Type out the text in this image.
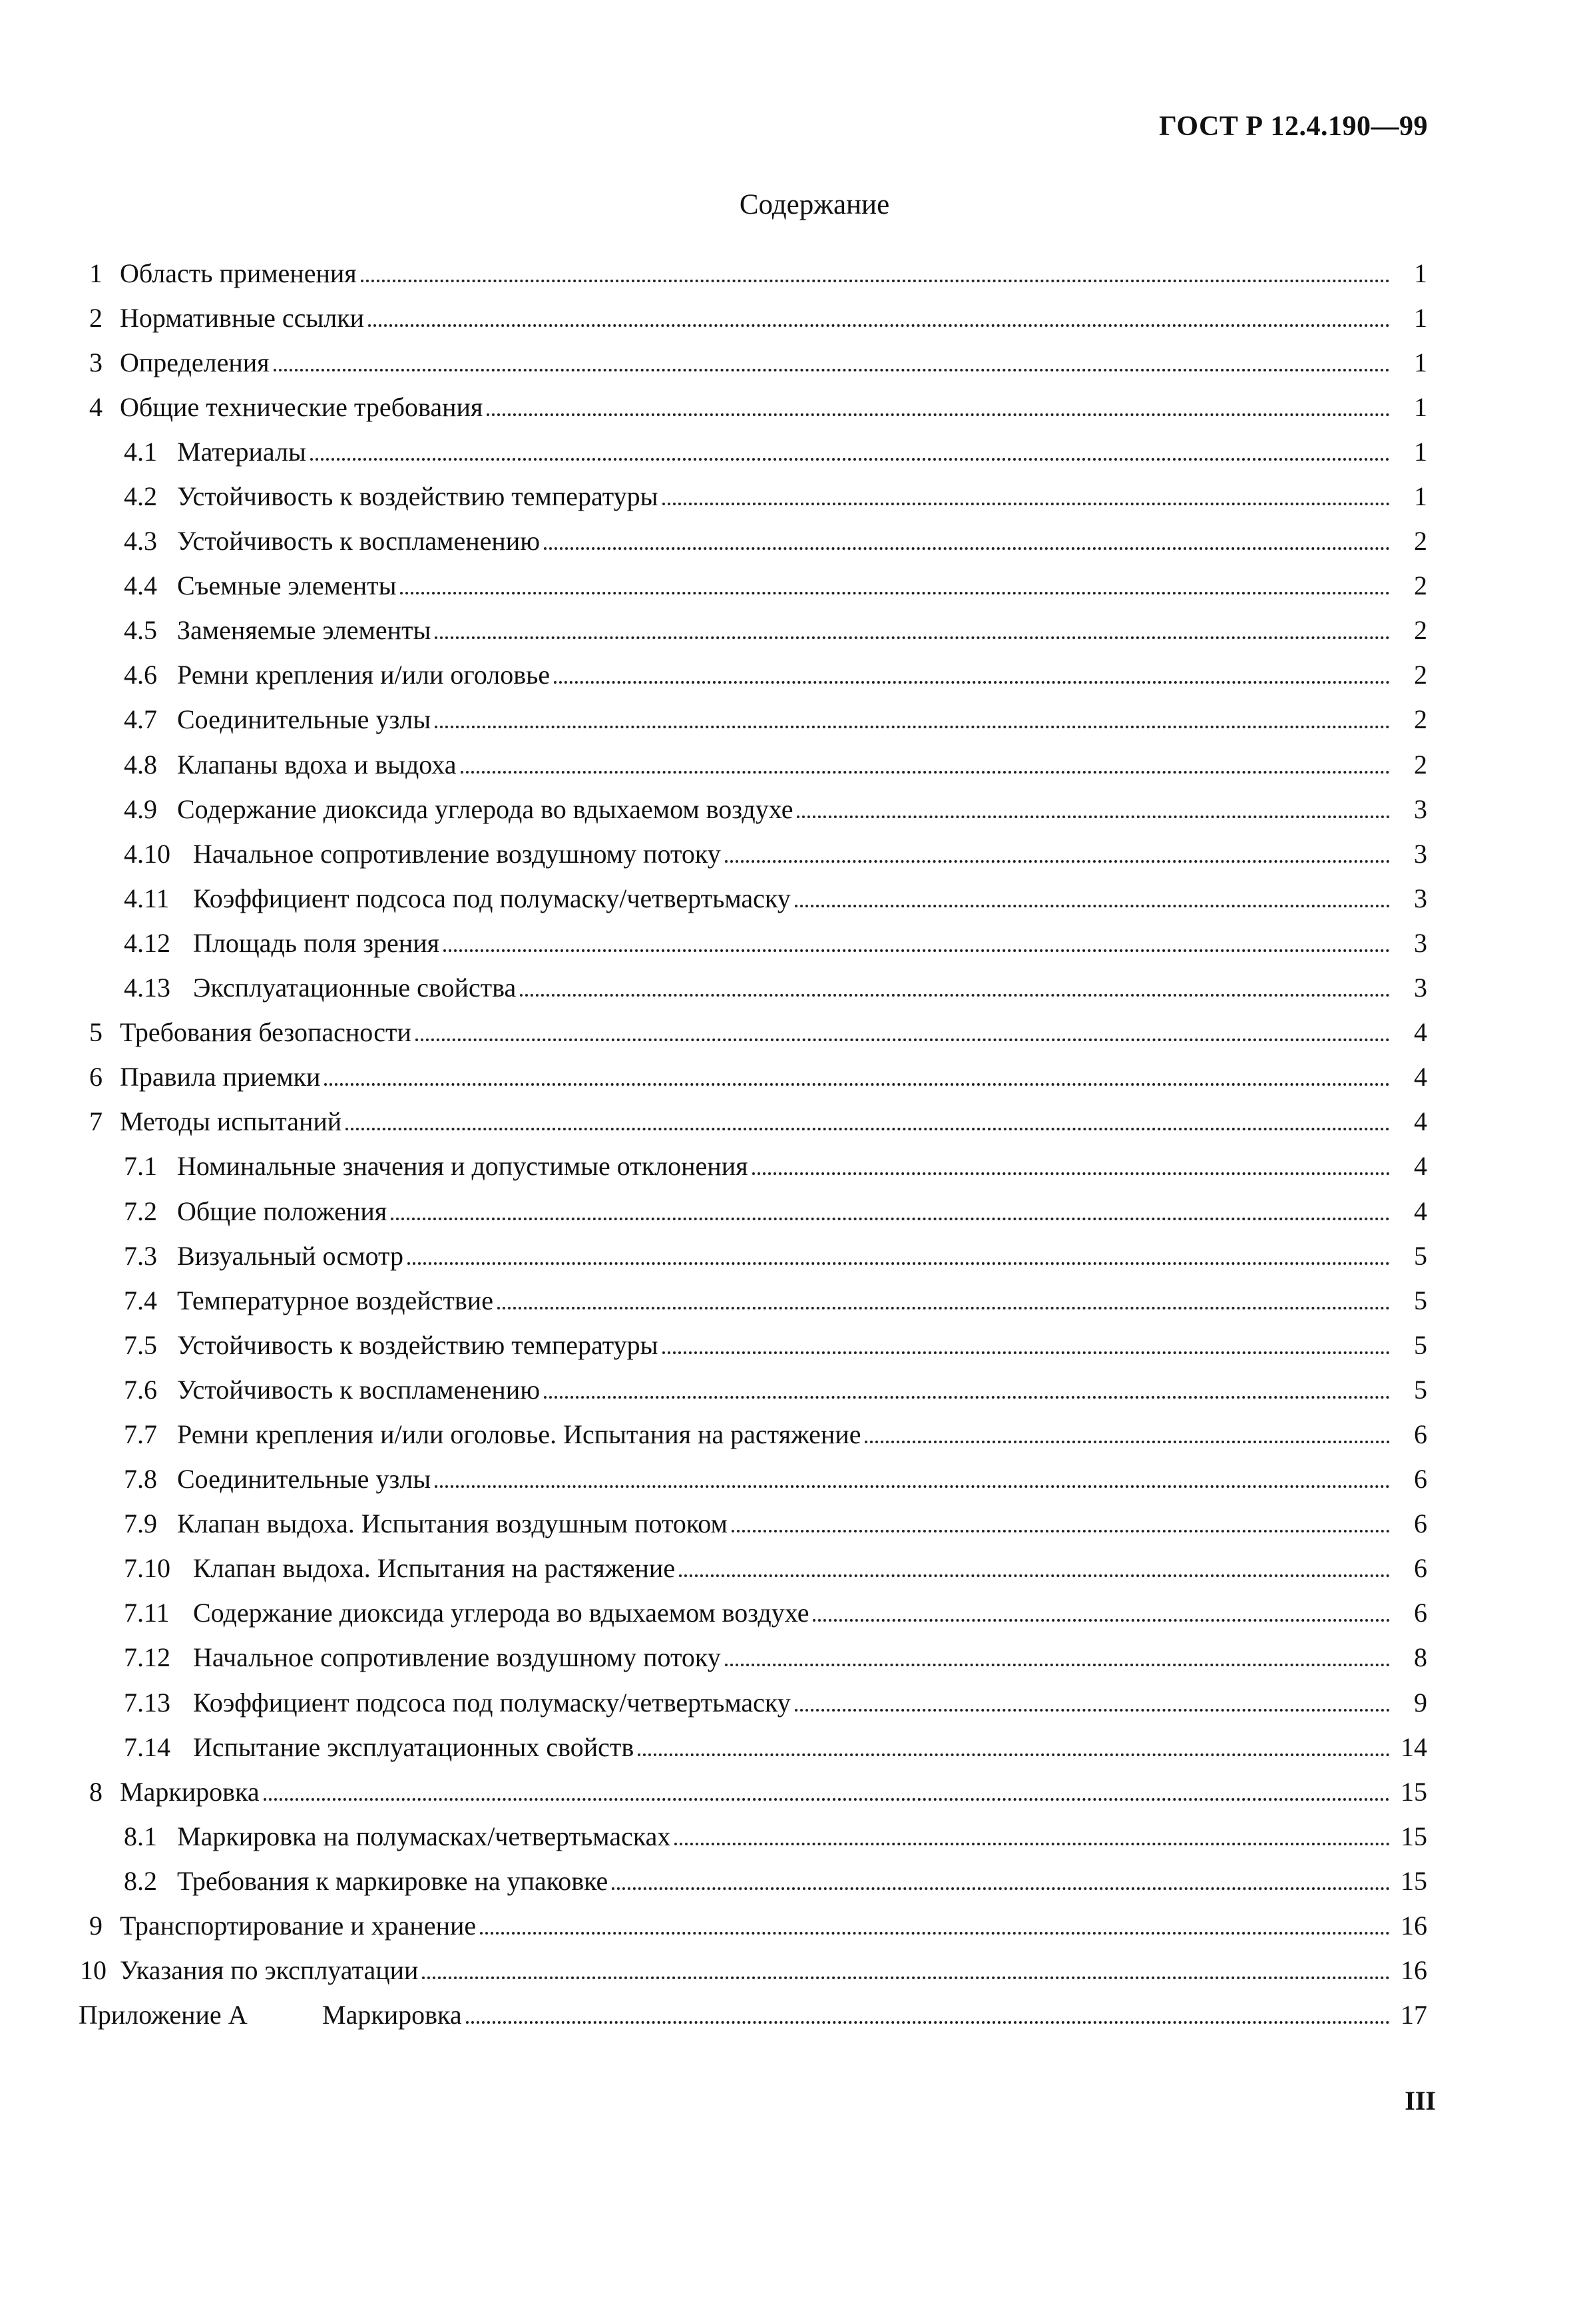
ГОСТ Р 12.4.190—99
Содержание
1 Область применения	1
2 Нормативные ссылки	1
3 Определения	1
4 Общие технические требования	1
4.1 Материалы	1
4.2 Устойчивость к воздействию температуры	1
4.3 Устойчивость к воспламенению	2
4.4 Съемные элементы	2
4.5 Заменяемые элементы	2
4.6 Ремни крепления и/или оголовье	2
4.7 Соединительные узлы	2
4.8 Клапаны вдоха и выдоха	2
4.9 Содержание диоксида углерода во вдыхаемом воздухе	3
4.10 Начальное сопротивление воздушному потоку	3
4.11 Коэффициент подсоса под полумаску/четвертьмаску	3
4.12 Площадь поля зрения	3
4.13 Эксплуатационные свойства	3
5 Требования безопасности	4
6 Правила приемки	4
7 Методы испытаний	4
7.1 Номинальные значения и допустимые отклонения	4
7.2 Общие положения	4
7.3 Визуальный осмотр	5
7.4 Температурное воздействие	5
7.5 Устойчивость к воздействию температуры	5
7.6 Устойчивость к воспламенению	5
7.7 Ремни крепления и/или оголовье. Испытания на растяжение	6
7.8 Соединительные узлы	6
7.9 Клапан выдоха. Испытания воздушным потоком	6
7.10 Клапан выдоха. Испытания на растяжение	6
7.11 Содержание диоксида углерода во вдыхаемом воздухе	6
7.12 Начальное сопротивление воздушному потоку	8
7.13 Коэффициент подсоса под полумаску/четвертьмаску	9
7.14 Испытание эксплуатационных свойств	14
8 Маркировка	15
8.1 Маркировка на полумасках/четвертьмасках	15
8.2 Требования к маркировке на упаковке	15
9 Транспортирование и хранение	16
10 Указания по эксплуатации	16
Приложение А	Маркировка	17
III
